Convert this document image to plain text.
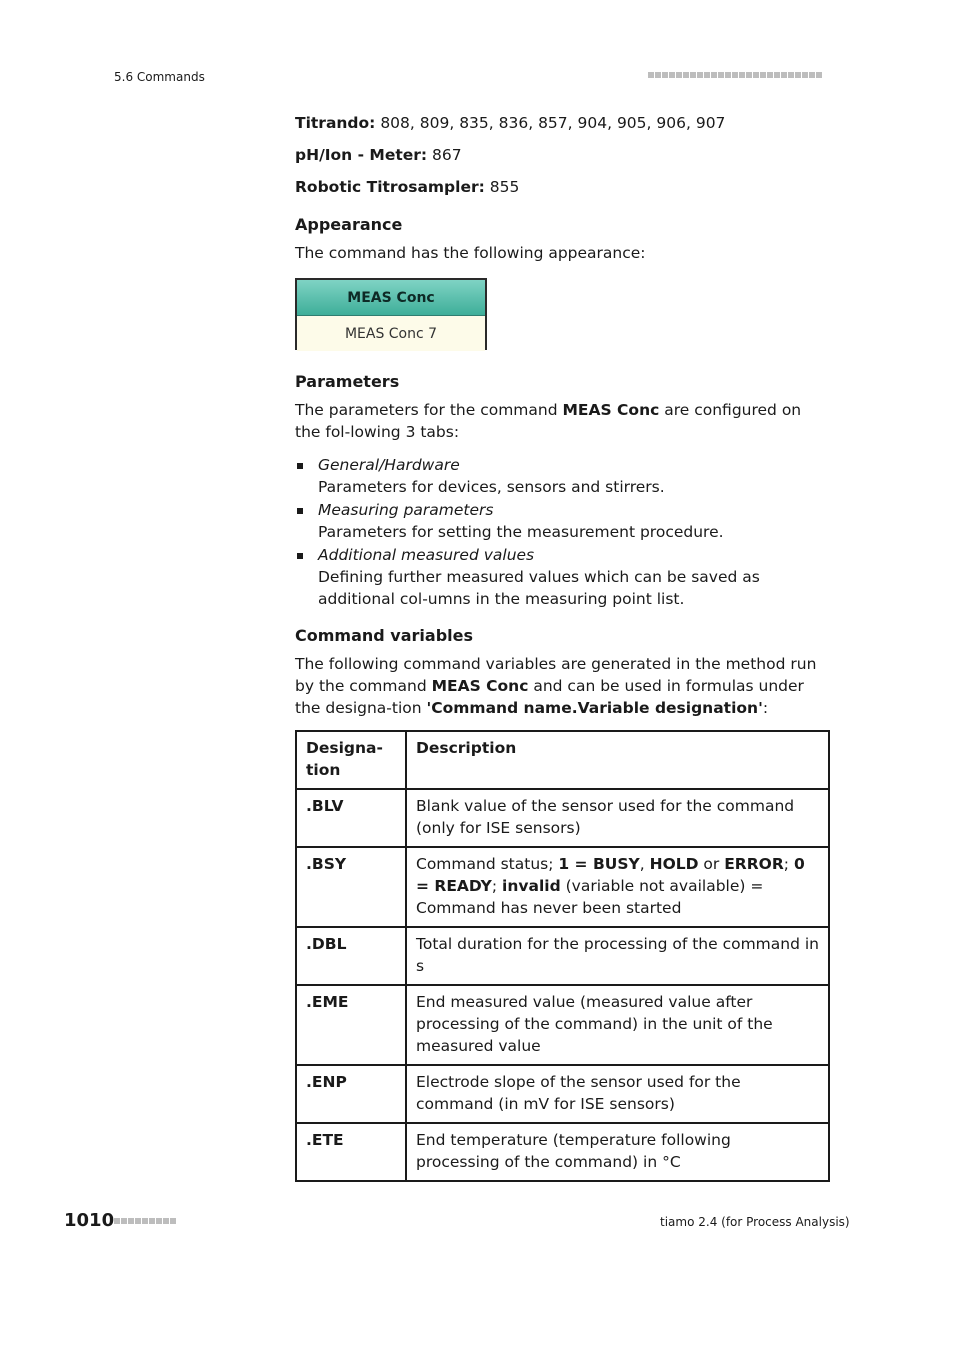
5.6 Commands

Titrando: 808, 809, 835, 836, 857, 904, 905, 906, 907

pH/Ion - Meter: 867

Robotic Titrosampler: 855

Appearance

The command has the following appearance:

MEAS Conc
MEAS Conc 7
Parameters

The parameters for the command MEAS Conc are configured on the fol-lowing 3 tabs:

General/Hardware
Parameters for devices, sensors and stirrers.
Measuring parameters
Parameters for setting the measurement procedure.
Additional measured values
Defining further measured values which can be saved as additional col-umns in the measuring point list.
Command variables

The following command variables are generated in the method run by the command MEAS Conc and can be used in formulas under the designa-tion 'Command name.Variable designation':

Designa-tion	Description
.BLV	Blank value of the sensor used for the command (only for ISE sensors)
.BSY	Command status; 1 = BUSY, HOLD or ERROR; 0 = READY; invalid (variable not available) = Command has never been started
.DBL	Total duration for the processing of the command in s
.EME	End measured value (measured value after processing of the command) in the unit of the measured value
.ENP	Electrode slope of the sensor used for the command (in mV for ISE sensors)
.ETE	End temperature (temperature following processing of the command) in °C
1010	tiamo 2.4 (for Process Analysis)
